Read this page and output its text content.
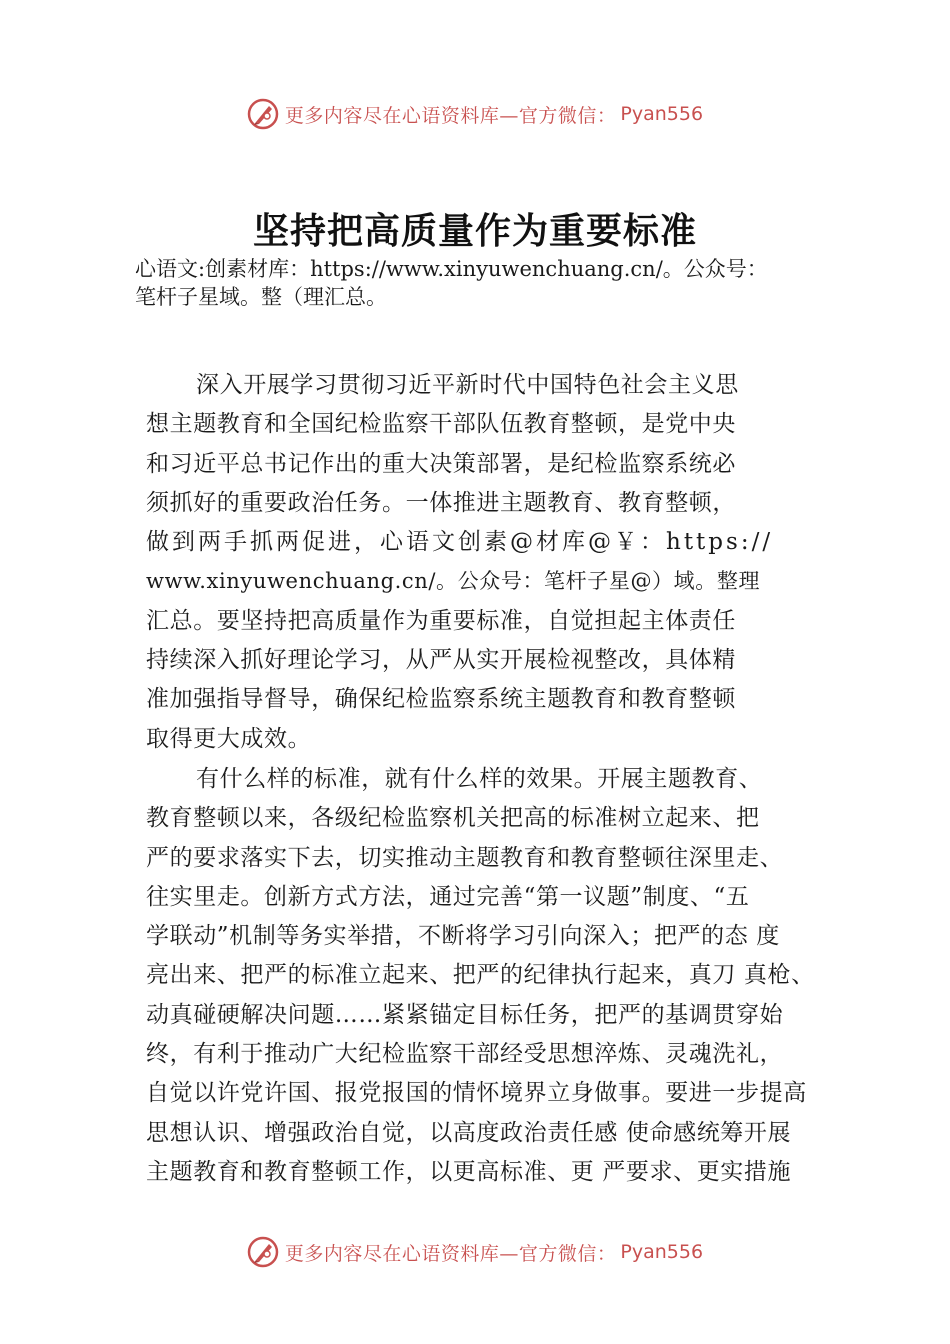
更多内容尽在心语资料库—官方微信： Pyan556
坚持把高质量作为重要标准
心语文:创素材库：https://www.xinyuwenchuang.cn/。公众号：
笔杆子星域。整（理汇总。
深入开展学习贯彻习近平新时代中国特色社会主义思
想主题教育和全国纪检监察干部队伍教育整顿，是党中央
和习近平总书记作出的重大决策部署，是纪检监察系统必
须抓好的重要政治任务。一体推进主题教育、教育整顿，
做到两手抓两促进，心语文创素@材库@￥：https://
www.xinyuwenchuang.cn/。公众号：笔杆子星@）域。整理
汇总。要坚持把高质量作为重要标准，自觉担起主体责任
持续深入抓好理论学习，从严从实开展检视整改，具体精
准加强指导督导，确保纪检监察系统主题教育和教育整顿
取得更大成效。
有什么样的标准，就有什么样的效果。开展主题教育、
教育整顿以来，各级纪检监察机关把高的标准树立起来、把
严的要求落实下去，切实推动主题教育和教育整顿往深里走、
往实里走。创新方式方法，通过完善“第一议题”制度、“五
学联动”机制等务实举措，不断将学习引向深入；把严的态 度
亮出来、把严的标准立起来、把严的纪律执行起来，真刀 真枪、
动真碰硬解决问题……紧紧锚定目标任务，把严的基调贯穿始
终，有利于推动广大纪检监察干部经受思想淬炼、灵魂洗礼，
自觉以许党许国、报党报国的情怀境界立身做事。要进一步提高
思想认识、增强政治自觉，以高度政治责任感 使命感统筹开展
主题教育和教育整顿工作，以更高标准、更 严要求、更实措施
更多内容尽在心语资料库—官方微信： Pyan556
